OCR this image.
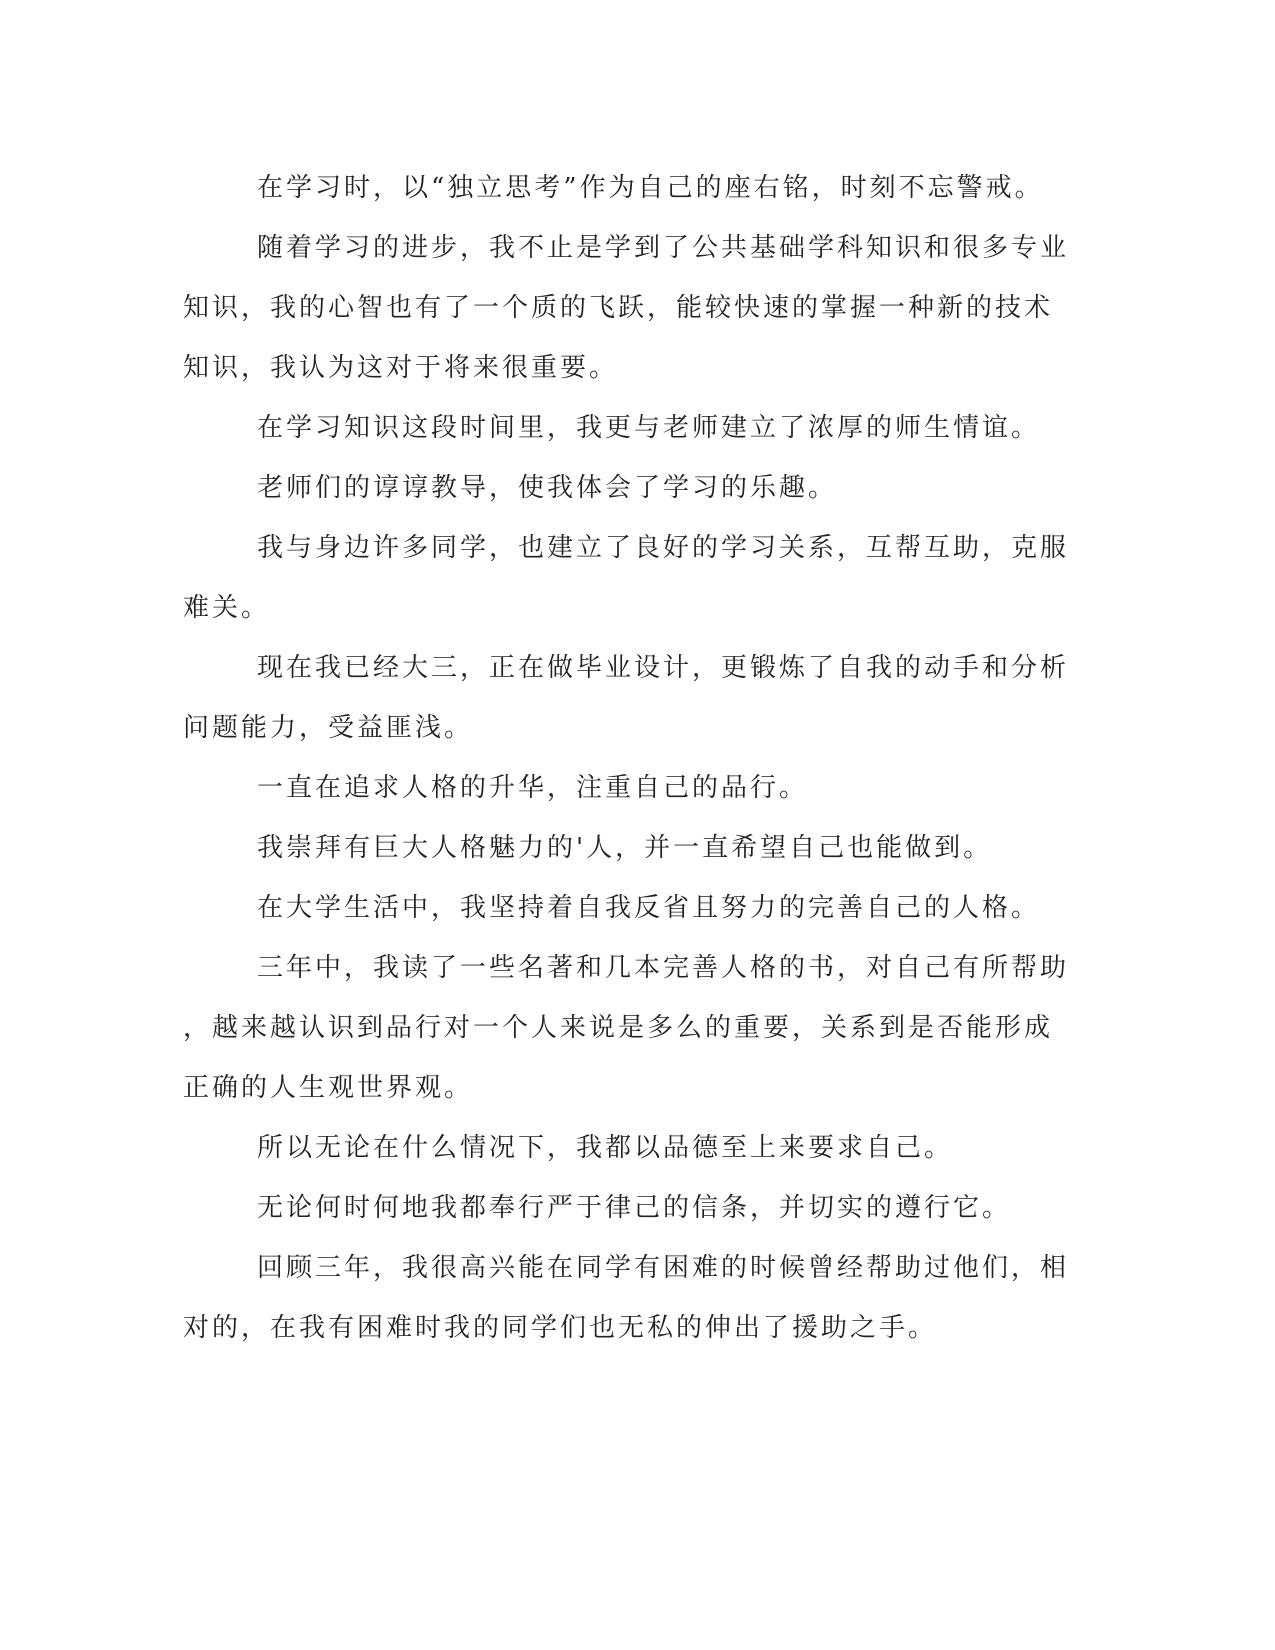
在学习时，以“独立思考”作为自己的座右铭，时刻不忘警戒。
随着学习的进步，我不止是学到了公共基础学科知识和很多专业
知识，我的心智也有了一个质的飞跃，能较快速的掌握一种新的技术
知识，我认为这对于将来很重要。
在学习知识这段时间里，我更与老师建立了浓厚的师生情谊。
老师们的谆谆教导，使我体会了学习的乐趣。
我与身边许多同学，也建立了良好的学习关系，互帮互助，克服
难关。
现在我已经大三，正在做毕业设计，更锻炼了自我的动手和分析
问题能力，受益匪浅。
一直在追求人格的升华，注重自己的品行。
我崇拜有巨大人格魅力的'人，并一直希望自己也能做到。
在大学生活中，我坚持着自我反省且努力的完善自己的人格。
三年中，我读了一些名著和几本完善人格的书，对自己有所帮助
，越来越认识到品行对一个人来说是多么的重要，关系到是否能形成
正确的人生观世界观。
所以无论在什么情况下，我都以品德至上来要求自己。
无论何时何地我都奉行严于律己的信条，并切实的遵行它。
回顾三年，我很高兴能在同学有困难的时候曾经帮助过他们，相
对的，在我有困难时我的同学们也无私的伸出了援助之手。
